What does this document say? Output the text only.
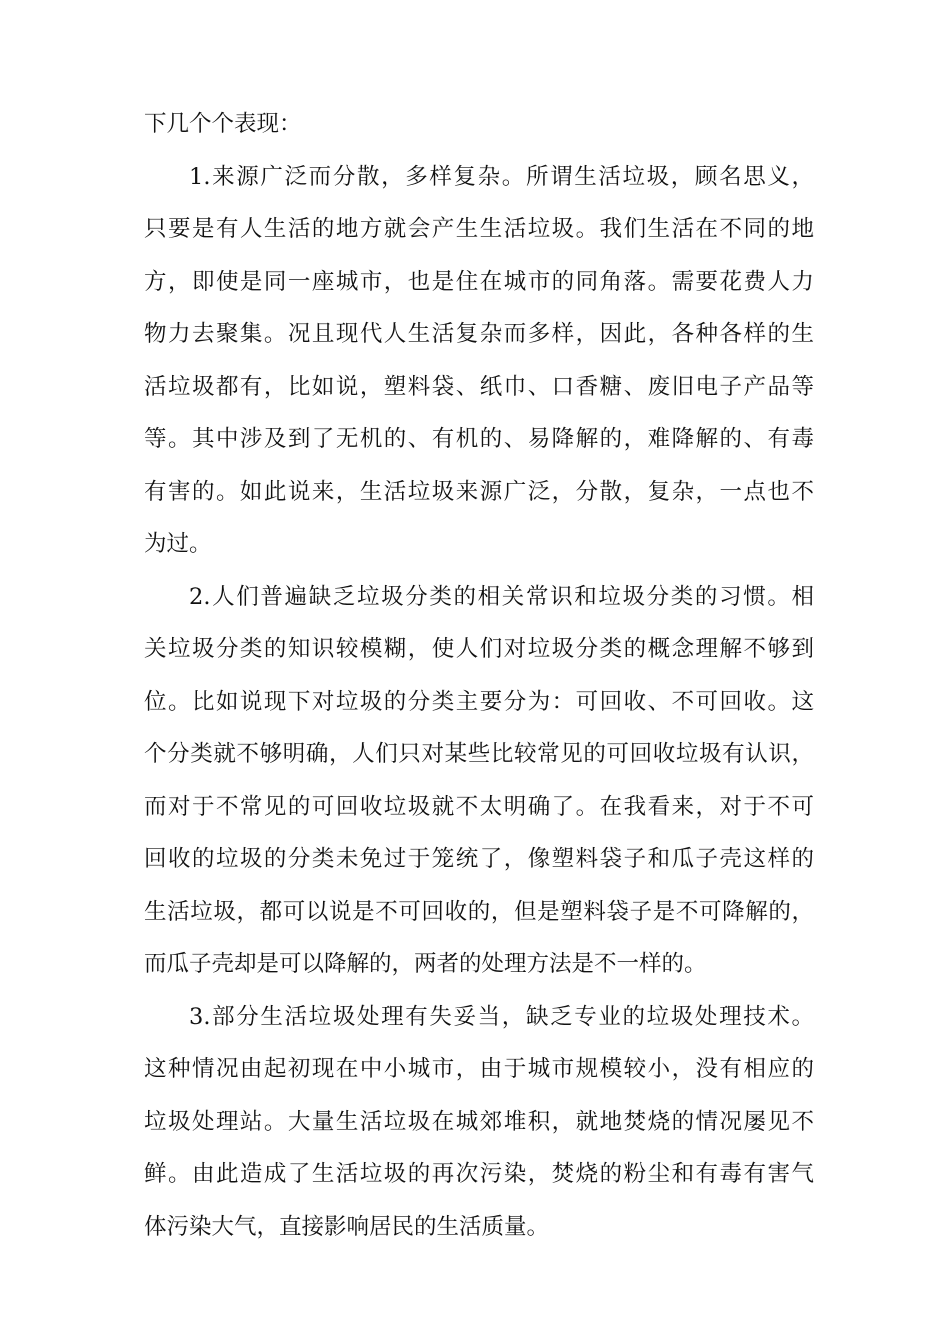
下几个个表现：
1.来源广泛而分散，多样复杂。所谓生活垃圾，顾名思义，
只要是有人生活的地方就会产生生活垃圾。我们生活在不同的地
方，即使是同一座城市，也是住在城市的同角落。需要花费人力
物力去聚集。况且现代人生活复杂而多样，因此，各种各样的生
活垃圾都有，比如说，塑料袋、纸巾、口香糖、废旧电子产品等
等。其中涉及到了无机的、有机的、易降解的，难降解的、有毒
有害的。如此说来，生活垃圾来源广泛，分散，复杂，一点也不
为过。
2.人们普遍缺乏垃圾分类的相关常识和垃圾分类的习惯。相
关垃圾分类的知识较模糊，使人们对垃圾分类的概念理解不够到
位。比如说现下对垃圾的分类主要分为：可回收、不可回收。这
个分类就不够明确，人们只对某些比较常见的可回收垃圾有认识，
而对于不常见的可回收垃圾就不太明确了。在我看来，对于不可
回收的垃圾的分类未免过于笼统了，像塑料袋子和瓜子壳这样的
生活垃圾，都可以说是不可回收的，但是塑料袋子是不可降解的，
而瓜子壳却是可以降解的，两者的处理方法是不一样的。
3.部分生活垃圾处理有失妥当，缺乏专业的垃圾处理技术。
这种情况由起初现在中小城市，由于城市规模较小，没有相应的
垃圾处理站。大量生活垃圾在城郊堆积，就地焚烧的情况屡见不
鲜。由此造成了生活垃圾的再次污染，焚烧的粉尘和有毒有害气
体污染大气，直接影响居民的生活质量。
